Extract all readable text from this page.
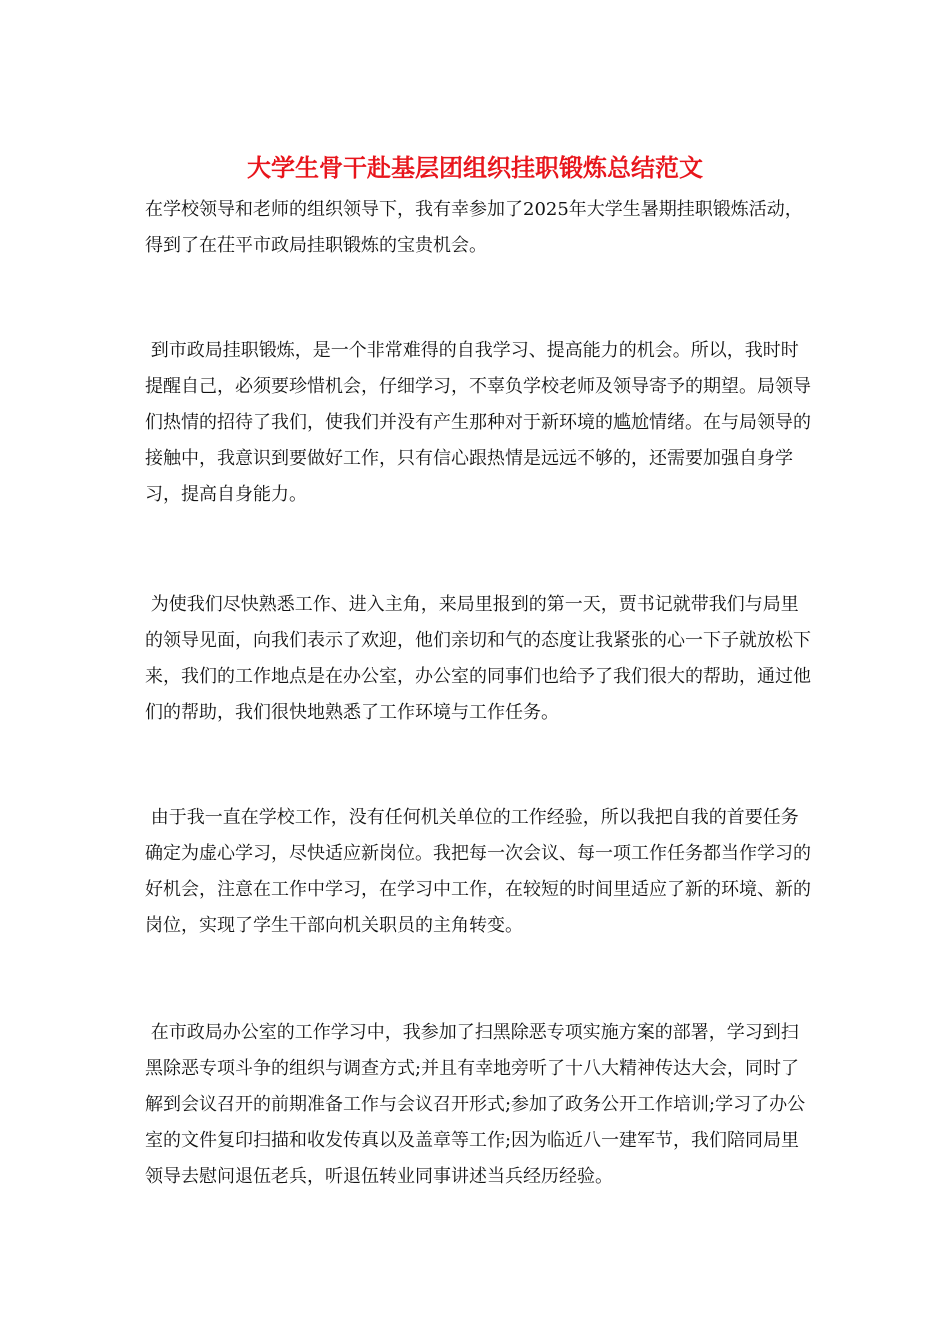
大学生骨干赴基层团组织挂职锻炼总结范文

在学校领导和老师的组织领导下，我有幸参加了2025年大学生暑期挂职锻炼活动，得到了在茌平市政局挂职锻炼的宝贵机会。

到市政局挂职锻炼，是一个非常难得的自我学习、提高能力的机会。所以，我时时提醒自己，必须要珍惜机会，仔细学习，不辜负学校老师及领导寄予的期望。局领导们热情的招待了我们，使我们并没有产生那种对于新环境的尴尬情绪。在与局领导的接触中，我意识到要做好工作，只有信心跟热情是远远不够的，还需要加强自身学习，提高自身能力。

为使我们尽快熟悉工作、进入主角，来局里报到的第一天，贾书记就带我们与局里的领导见面，向我们表示了欢迎，他们亲切和气的态度让我紧张的心一下子就放松下来，我们的工作地点是在办公室，办公室的同事们也给予了我们很大的帮助，通过他们的帮助，我们很快地熟悉了工作环境与工作任务。

由于我一直在学校工作，没有任何机关单位的工作经验，所以我把自我的首要任务确定为虚心学习，尽快适应新岗位。我把每一次会议、每一项工作任务都当作学习的好机会，注意在工作中学习，在学习中工作，在较短的时间里适应了新的环境、新的岗位，实现了学生干部向机关职员的主角转变。

在市政局办公室的工作学习中，我参加了扫黑除恶专项实施方案的部署，学习到扫黑除恶专项斗争的组织与调查方式;并且有幸地旁听了十八大精神传达大会，同时了解到会议召开的前期准备工作与会议召开形式;参加了政务公开工作培训;学习了办公室的文件复印扫描和收发传真以及盖章等工作;因为临近八一建军节，我们陪同局里领导去慰问退伍老兵，听退伍转业同事讲述当兵经历经验。
